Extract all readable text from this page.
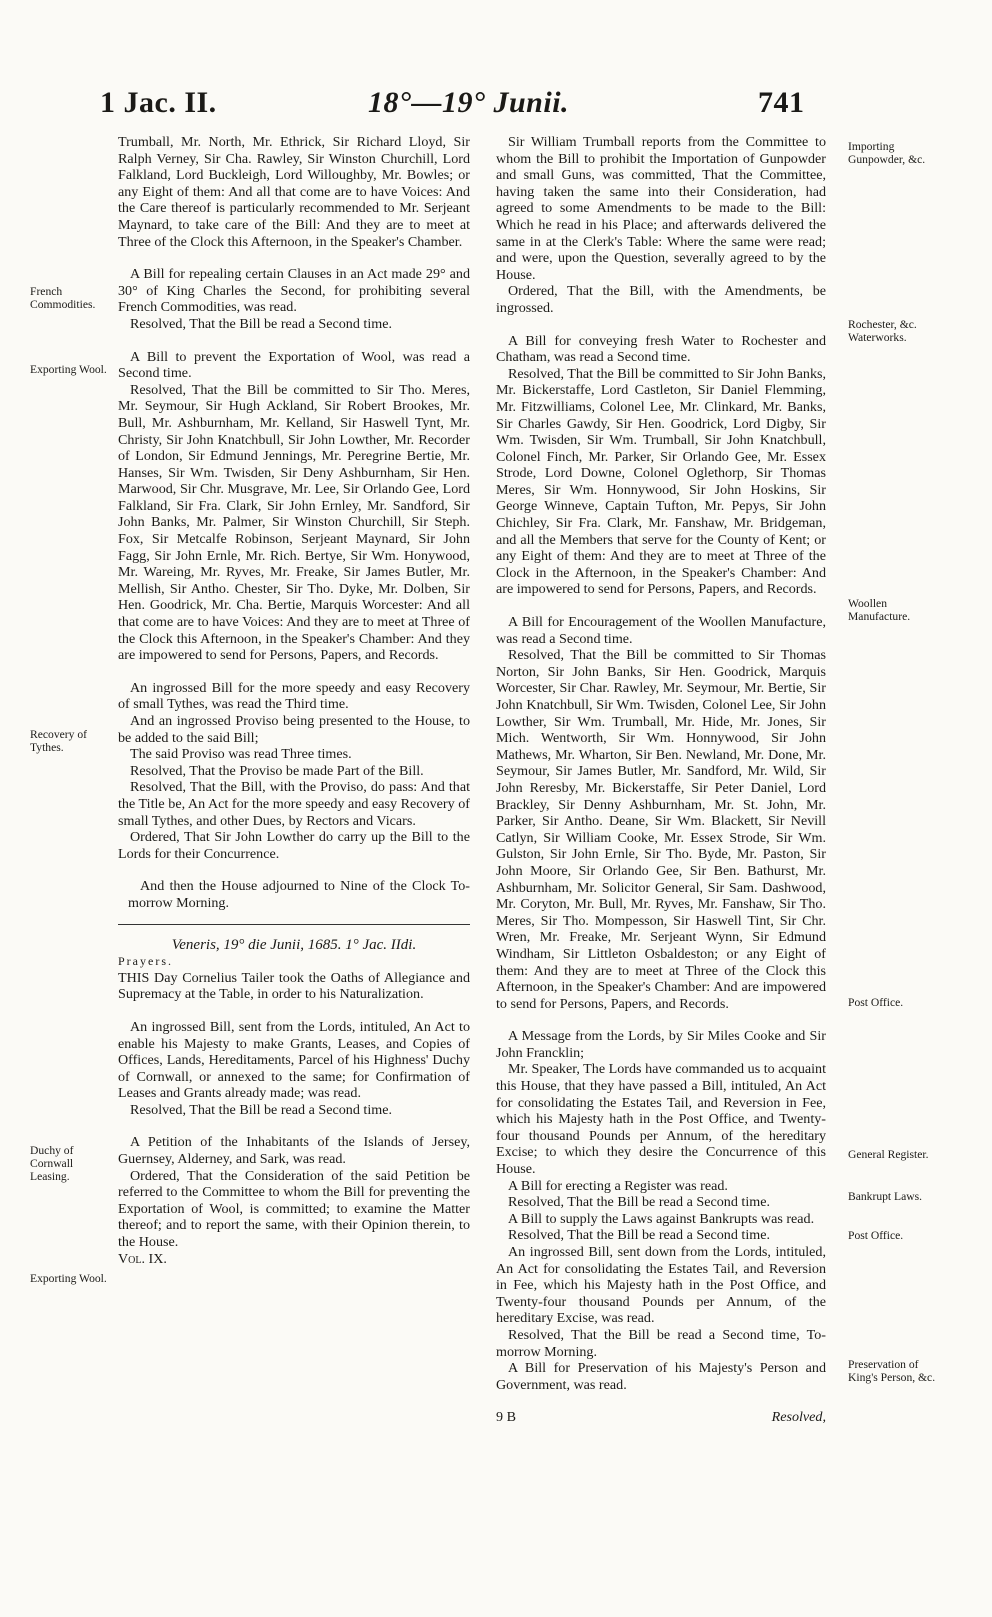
1 Jac. II.	18°—19° Junii.	741

Trumball, Mr. North, Mr. Ethrick, Sir Richard Lloyd, Sir Ralph Verney, Sir Cha. Rawley, Sir Winston Churchill, Lord Falkland, Lord Buckleigh, Lord Willoughby, Mr. Bowles; or any Eight of them: And all that come are to have Voices: And the Care thereof is particularly recommended to Mr. Serjeant Maynard, to take care of the Bill: And they are to meet at Three of the Clock this Afternoon, in the Speaker's Chamber.

A Bill for repealing certain Clauses in an Act made 29° and 30° of King Charles the Second, for prohibiting several French Commodities, was read.

Resolved, That the Bill be read a Second time.

A Bill to prevent the Exportation of Wool, was read a Second time.

Resolved, That the Bill be committed to Sir Tho. Meres, Mr. Seymour, Sir Hugh Ackland, Sir Robert Brookes, Mr. Bull, Mr. Ashburnham, Mr. Kelland, Sir Haswell Tynt, Mr. Christy, Sir John Knatchbull, Sir John Lowther, Mr. Recorder of London, Sir Edmund Jennings, Mr. Peregrine Bertie, Mr. Hanses, Sir Wm. Twisden, Sir Deny Ashburnham, Sir Hen. Marwood, Sir Chr. Musgrave, Mr. Lee, Sir Orlando Gee, Lord Falkland, Sir Fra. Clark, Sir John Ernley, Mr. Sandford, Sir John Banks, Mr. Palmer, Sir Winston Churchill, Sir Steph. Fox, Sir Metcalfe Robinson, Serjeant Maynard, Sir John Fagg, Sir John Ernle, Mr. Rich. Bertye, Sir Wm. Honywood, Mr. Wareing, Mr. Ryves, Mr. Freake, Sir James Butler, Mr. Mellish, Sir Antho. Chester, Sir Tho. Dyke, Mr. Dolben, Sir Hen. Goodrick, Mr. Cha. Bertie, Marquis Worcester: And all that come are to have Voices: And they are to meet at Three of the Clock this Afternoon, in the Speaker's Chamber: And they are impowered to send for Persons, Papers, and Records.

An ingrossed Bill for the more speedy and easy Recovery of small Tythes, was read the Third time.

And an ingrossed Proviso being presented to the House, to be added to the said Bill;

The said Proviso was read Three times.

Resolved, That the Proviso be made Part of the Bill.

Resolved, That the Bill, with the Proviso, do pass: And that the Title be, An Act for the more speedy and easy Recovery of small Tythes, and other Dues, by Rectors and Vicars.

Ordered, That Sir John Lowther do carry up the Bill to the Lords for their Concurrence.

And then the House adjourned to Nine of the Clock To-morrow Morning.

Veneris, 19° die Junii, 1685. 1° Jac. IIdi.

Prayers.

THIS Day Cornelius Tailer took the Oaths of Allegiance and Supremacy at the Table, in order to his Naturalization.

An ingrossed Bill, sent from the Lords, intituled, An Act to enable his Majesty to make Grants, Leases, and Copies of Offices, Lands, Hereditaments, Parcel of his Highness' Duchy of Cornwall, or annexed to the same; for Confirmation of Leases and Grants already made; was read.

Resolved, That the Bill be read a Second time.

A Petition of the Inhabitants of the Islands of Jersey, Guernsey, Alderney, and Sark, was read.

Ordered, That the Consideration of the said Petition be referred to the Committee to whom the Bill for preventing the Exportation of Wool, is committed; to examine the Matter thereof; and to report the same, with their Opinion therein, to the House.

Vol. IX.

Sir William Trumball reports from the Committee to whom the Bill to prohibit the Importation of Gunpowder and small Guns, was committed, That the Committee, having taken the same into their Consideration, had agreed to some Amendments to be made to the Bill: Which he read in his Place; and afterwards delivered the same in at the Clerk's Table: Where the same were read; and were, upon the Question, severally agreed to by the House.

Ordered, That the Bill, with the Amendments, be ingrossed.

A Bill for conveying fresh Water to Rochester and Chatham, was read a Second time.

Resolved, That the Bill be committed to Sir John Banks, Mr. Bickerstaffe, Lord Castleton, Sir Daniel Flemming, Mr. Fitzwilliams, Colonel Lee, Mr. Clinkard, Mr. Banks, Sir Charles Gawdy, Sir Hen. Goodrick, Lord Digby, Sir Wm. Twisden, Sir Wm. Trumball, Sir John Knatchbull, Colonel Finch, Mr. Parker, Sir Orlando Gee, Mr. Essex Strode, Lord Downe, Colonel Oglethorp, Sir Thomas Meres, Sir Wm. Honnywood, Sir John Hoskins, Sir George Winneve, Captain Tufton, Mr. Pepys, Sir John Chichley, Sir Fra. Clark, Mr. Fanshaw, Mr. Bridgeman, and all the Members that serve for the County of Kent; or any Eight of them: And they are to meet at Three of the Clock in the Afternoon, in the Speaker's Chamber: And are impowered to send for Persons, Papers, and Records.

A Bill for Encouragement of the Woollen Manufacture, was read a Second time.

Resolved, That the Bill be committed to Sir Thomas Norton, Sir John Banks, Sir Hen. Goodrick, Marquis Worcester, Sir Char. Rawley, Mr. Seymour, Mr. Bertie, Sir John Knatchbull, Sir Wm. Twisden, Colonel Lee, Sir John Lowther, Sir Wm. Trumball, Mr. Hide, Mr. Jones, Sir Mich. Wentworth, Sir Wm. Honnywood, Sir John Mathews, Mr. Wharton, Sir Ben. Newland, Mr. Done, Mr. Seymour, Sir James Butler, Mr. Sandford, Mr. Wild, Sir John Reresby, Mr. Bickerstaffe, Sir Peter Daniel, Lord Brackley, Sir Denny Ashburnham, Mr. St. John, Mr. Parker, Sir Antho. Deane, Sir Wm. Blackett, Sir Nevill Catlyn, Sir William Cooke, Mr. Essex Strode, Sir Wm. Gulston, Sir John Ernle, Sir Tho. Byde, Mr. Paston, Sir John Moore, Sir Orlando Gee, Sir Ben. Bathurst, Mr. Ashburnham, Mr. Solicitor General, Sir Sam. Dashwood, Mr. Coryton, Mr. Bull, Mr. Ryves, Mr. Fanshaw, Sir Tho. Meres, Sir Tho. Mompesson, Sir Haswell Tint, Sir Chr. Wren, Mr. Freake, Mr. Serjeant Wynn, Sir Edmund Windham, Sir Littleton Osbaldeston; or any Eight of them: And they are to meet at Three of the Clock this Afternoon, in the Speaker's Chamber: And are impowered to send for Persons, Papers, and Records.

A Message from the Lords, by Sir Miles Cooke and Sir John Francklin;

Mr. Speaker, The Lords have commanded us to acquaint this House, that they have passed a Bill, intituled, An Act for consolidating the Estates Tail, and Reversion in Fee, which his Majesty hath in the Post Office, and Twenty-four thousand Pounds per Annum, of the hereditary Excise; to which they desire the Concurrence of this House.

A Bill for erecting a Register was read.

Resolved, That the Bill be read a Second time.

A Bill to supply the Laws against Bankrupts was read.

Resolved, That the Bill be read a Second time.

An ingrossed Bill, sent down from the Lords, intituled, An Act for consolidating the Estates Tail, and Reversion in Fee, which his Majesty hath in the Post Office, and Twenty-four thousand Pounds per Annum, of the hereditary Excise, was read.

Resolved, That the Bill be read a Second time, To-morrow Morning.

A Bill for Preservation of his Majesty's Person and Government, was read.

9 B	Resolved,
French Commodities.
Exporting Wool.
Recovery of Tythes.
Duchy of Cornwall Leasing.
Exporting Wool.
Importing Gunpowder, &c.
Rochester, &c. Waterworks.
Woollen Manufacture.
Post Office.
General Register.
Bankrupt Laws.
Post Office.
Preservation of King's Person, &c.
